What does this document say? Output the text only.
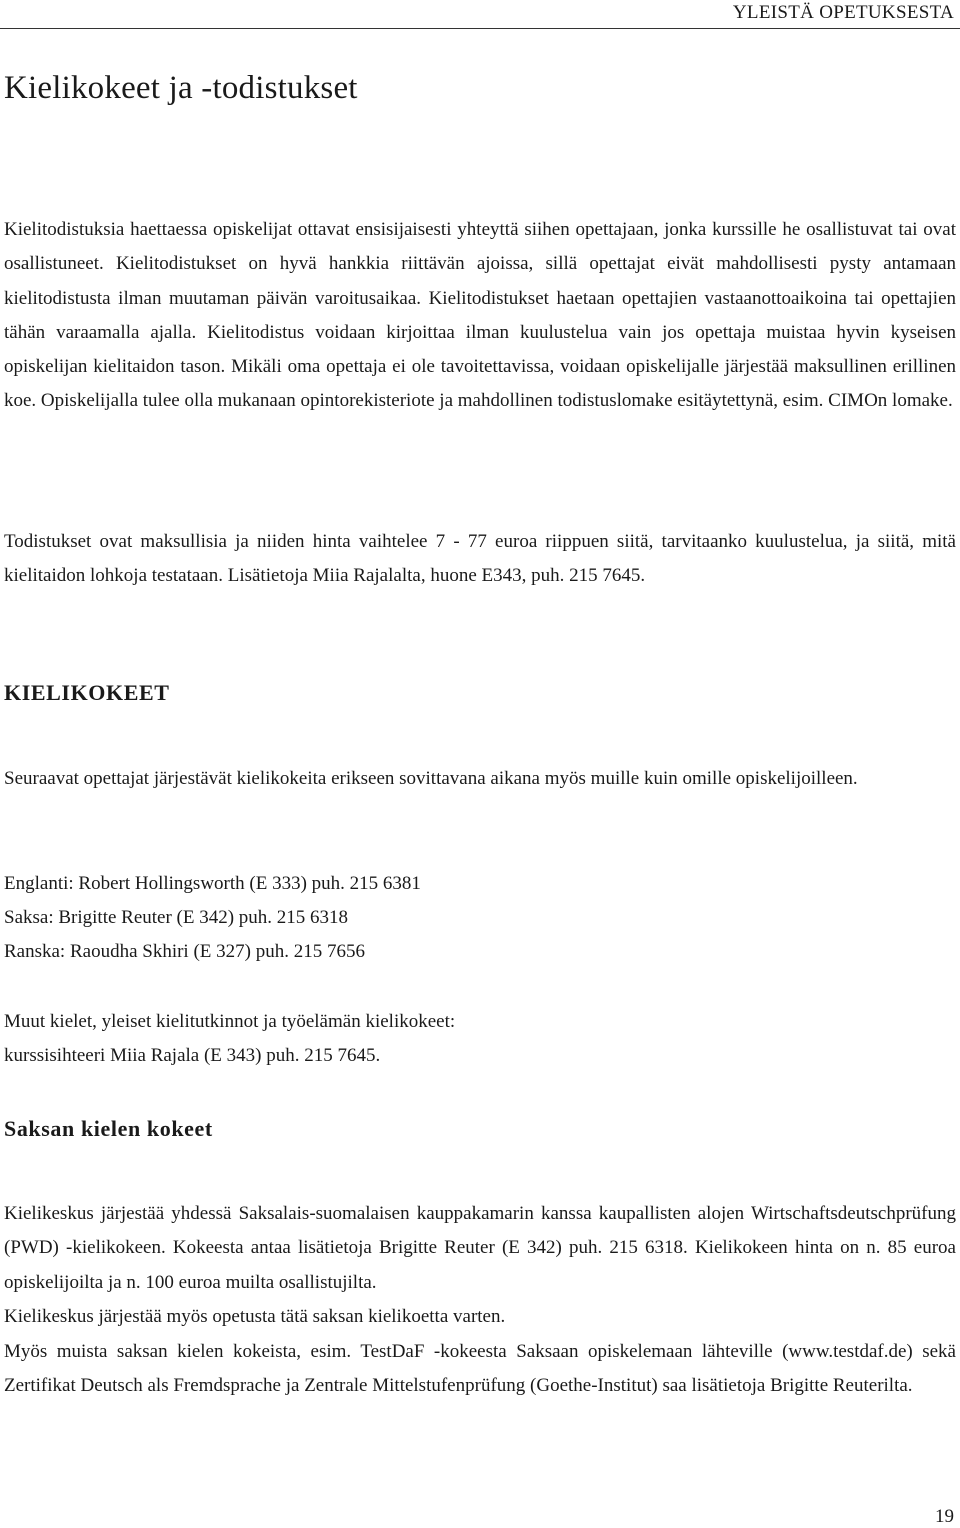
YLEISTÄ OPETUKSESTA
Kielikokeet ja -todistukset

Kielitodistuksia haettaessa opiskelijat ottavat ensisijaisesti yhteyttä siihen opettajaan, jonka kurssille he osallistuvat tai ovat osallistuneet. Kielitodistukset on hyvä hankkia riittävän ajoissa, sillä opettajat eivät mahdollisesti pysty antamaan kielitodistusta ilman muutaman päivän varoitusaikaa. Kielitodistukset haetaan opettajien vastaanottoaikoina tai opettajien tähän varaamalla ajalla. Kielitodistus voidaan kirjoittaa ilman kuulustelua vain jos opettaja muistaa hyvin kyseisen opiskelijan kielitaidon tason. Mikäli oma opettaja ei ole tavoitettavissa, voidaan opiskelijalle järjestää maksullinen erillinen koe. Opiskelijalla tulee olla mukanaan opintorekisteriote ja mahdollinen todistuslomake esitäytettynä, esim. CIMOn lomake.

Todistukset ovat maksullisia ja niiden hinta vaihtelee 7 - 77 euroa riippuen siitä, tarvitaanko kuulustelua, ja siitä, mitä kielitaidon lohkoja testataan. Lisätietoja Miia Rajalalta, huone E343, puh. 215 7645.

KIELIKOKEET

Seuraavat opettajat järjestävät kielikokeita erikseen sovittavana aikana myös muille kuin omille opiskelijoilleen.

Englanti: Robert Hollingsworth (E 333) puh. 215 6381
Saksa: Brigitte Reuter (E 342) puh. 215 6318
Ranska: Raoudha Skhiri (E 327) puh. 215 7656
Muut kielet, yleiset kielitutkinnot ja työelämän kielikokeet:
kurssisihteeri Miia Rajala (E 343) puh. 215 7645.
Saksan kielen kokeet

Kielikeskus järjestää yhdessä Saksalais-suomalaisen kauppakamarin kanssa kaupallisten alojen Wirtschaftsdeutschprüfung (PWD) -kielikokeen. Kokeesta antaa lisätietoja Brigitte Reuter (E 342) puh. 215 6318. Kielikokeen hinta on n. 85 euroa opiskelijoilta ja n. 100 euroa muilta osallistujilta.

Kielikeskus järjestää myös opetusta tätä saksan kielikoetta varten.

Myös muista saksan kielen kokeista, esim. TestDaF -kokeesta Saksaan opiskelemaan lähteville (www.testdaf.de) sekä Zertifikat Deutsch als Fremdsprache ja Zentrale Mittelstufenprüfung (Goethe-Institut) saa lisätietoja Brigitte Reuterilta.

19
